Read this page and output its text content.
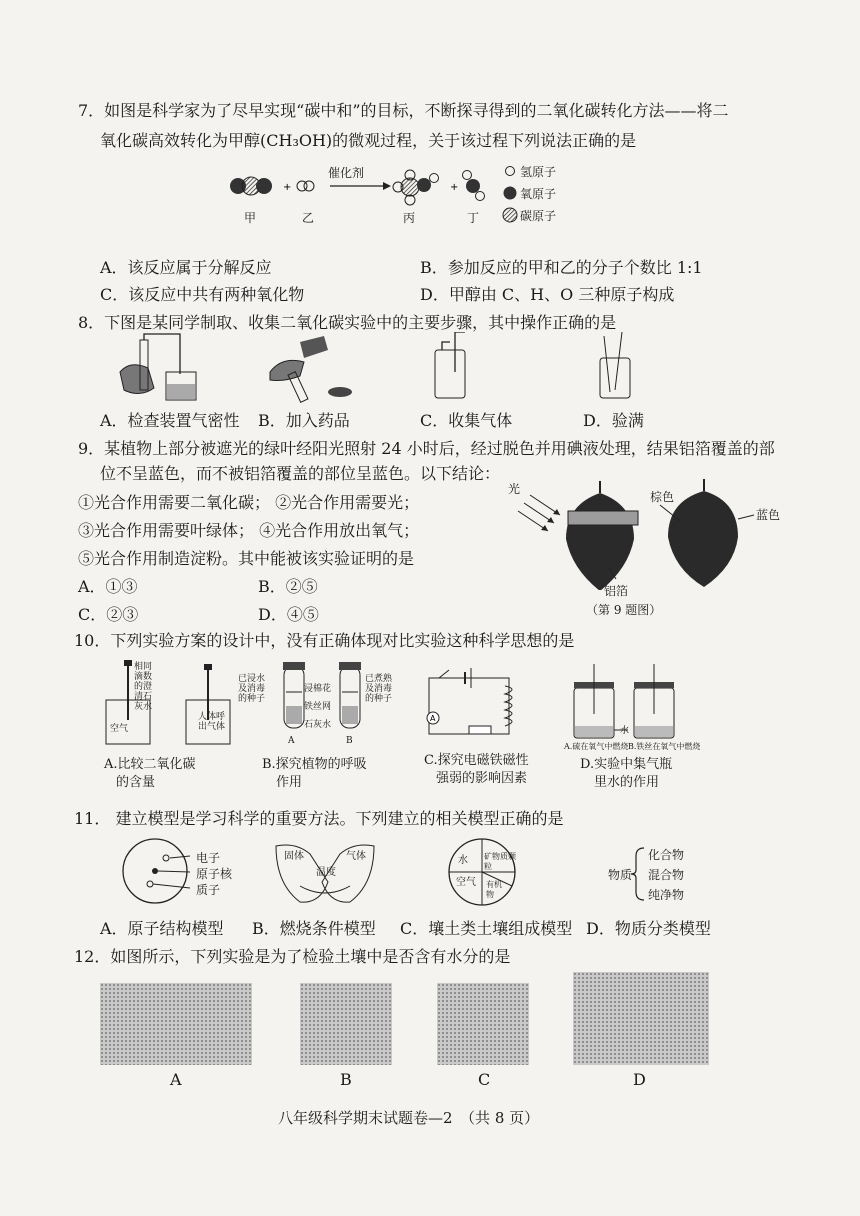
7．如图是科学家为了尽早实现“碳中和”的目标，不断探寻得到的二氧化碳转化方法——将二
氧化碳高效转化为甲醇(CH₃OH)的微观过程，关于该过程下列说法正确的是
+	+
催化剂
甲	乙	丙	丁
氢原子
氧原子
碳原子
A．该反应属于分解反应	B．参加反应的甲和乙的分子个数比 1:1
C．该反应中共有两种氧化物	D．甲醇由 C、H、O 三种原子构成
8．下图是某同学制取、收集二氧化碳实验中的主要步骤，其中操作正确的是
A．检查装置气密性 B．加入药品	C．收集气体	D．验满
9．某植物上部分被遮光的绿叶经阳光照射 24 小时后，经过脱色并用碘液处理，结果铝箔覆盖的部
位不呈蓝色，而不被铝箔覆盖的部位呈蓝色。以下结论：
①光合作用需要二氧化碳； ②光合作用需要光；
③光合作用需要叶绿体； ④光合作用放出氧气；
⑤光合作用制造淀粉。其中能被该实验证明的是
A．①③	B．②⑤
C．②③	D．④⑤
光
棕色
蓝色
铝箔
（第 9 题图）
10．下列实验方案的设计中，没有正确体现对比实验这种科学思想的是
相同
滴数
的澄
清石
灰水
空气
人体呼
出气体
已浸水
及消毒
的种子
浸棉花
铁丝网
石灰水
已煮熟
及消毒
的种子
A	B
A
水
A.硫在氧气中燃烧 B.铁丝在氧气中燃烧
A.比较二氧化碳
的含量
B.探究植物的呼吸
作用
C.探究电磁铁磁性
强弱的影响因素
D.实验中集气瓶
里水的作用
11． 建立模型是学习科学的重要方法。下列建立的相关模型正确的是
电子
原子核
质子
固体
温度
气体	水 矿物质颗粒
空气 有机物
物质
化合物
混合物
纯净物
A．原子结构模型 B．燃烧条件模型 C．壤土类土壤组成模型 D．物质分类模型
12．如图所示，下列实验是为了检验土壤中是否含有水分的是
A	B	C	D
八年级科学期末试题卷—2　（共 8 页）
